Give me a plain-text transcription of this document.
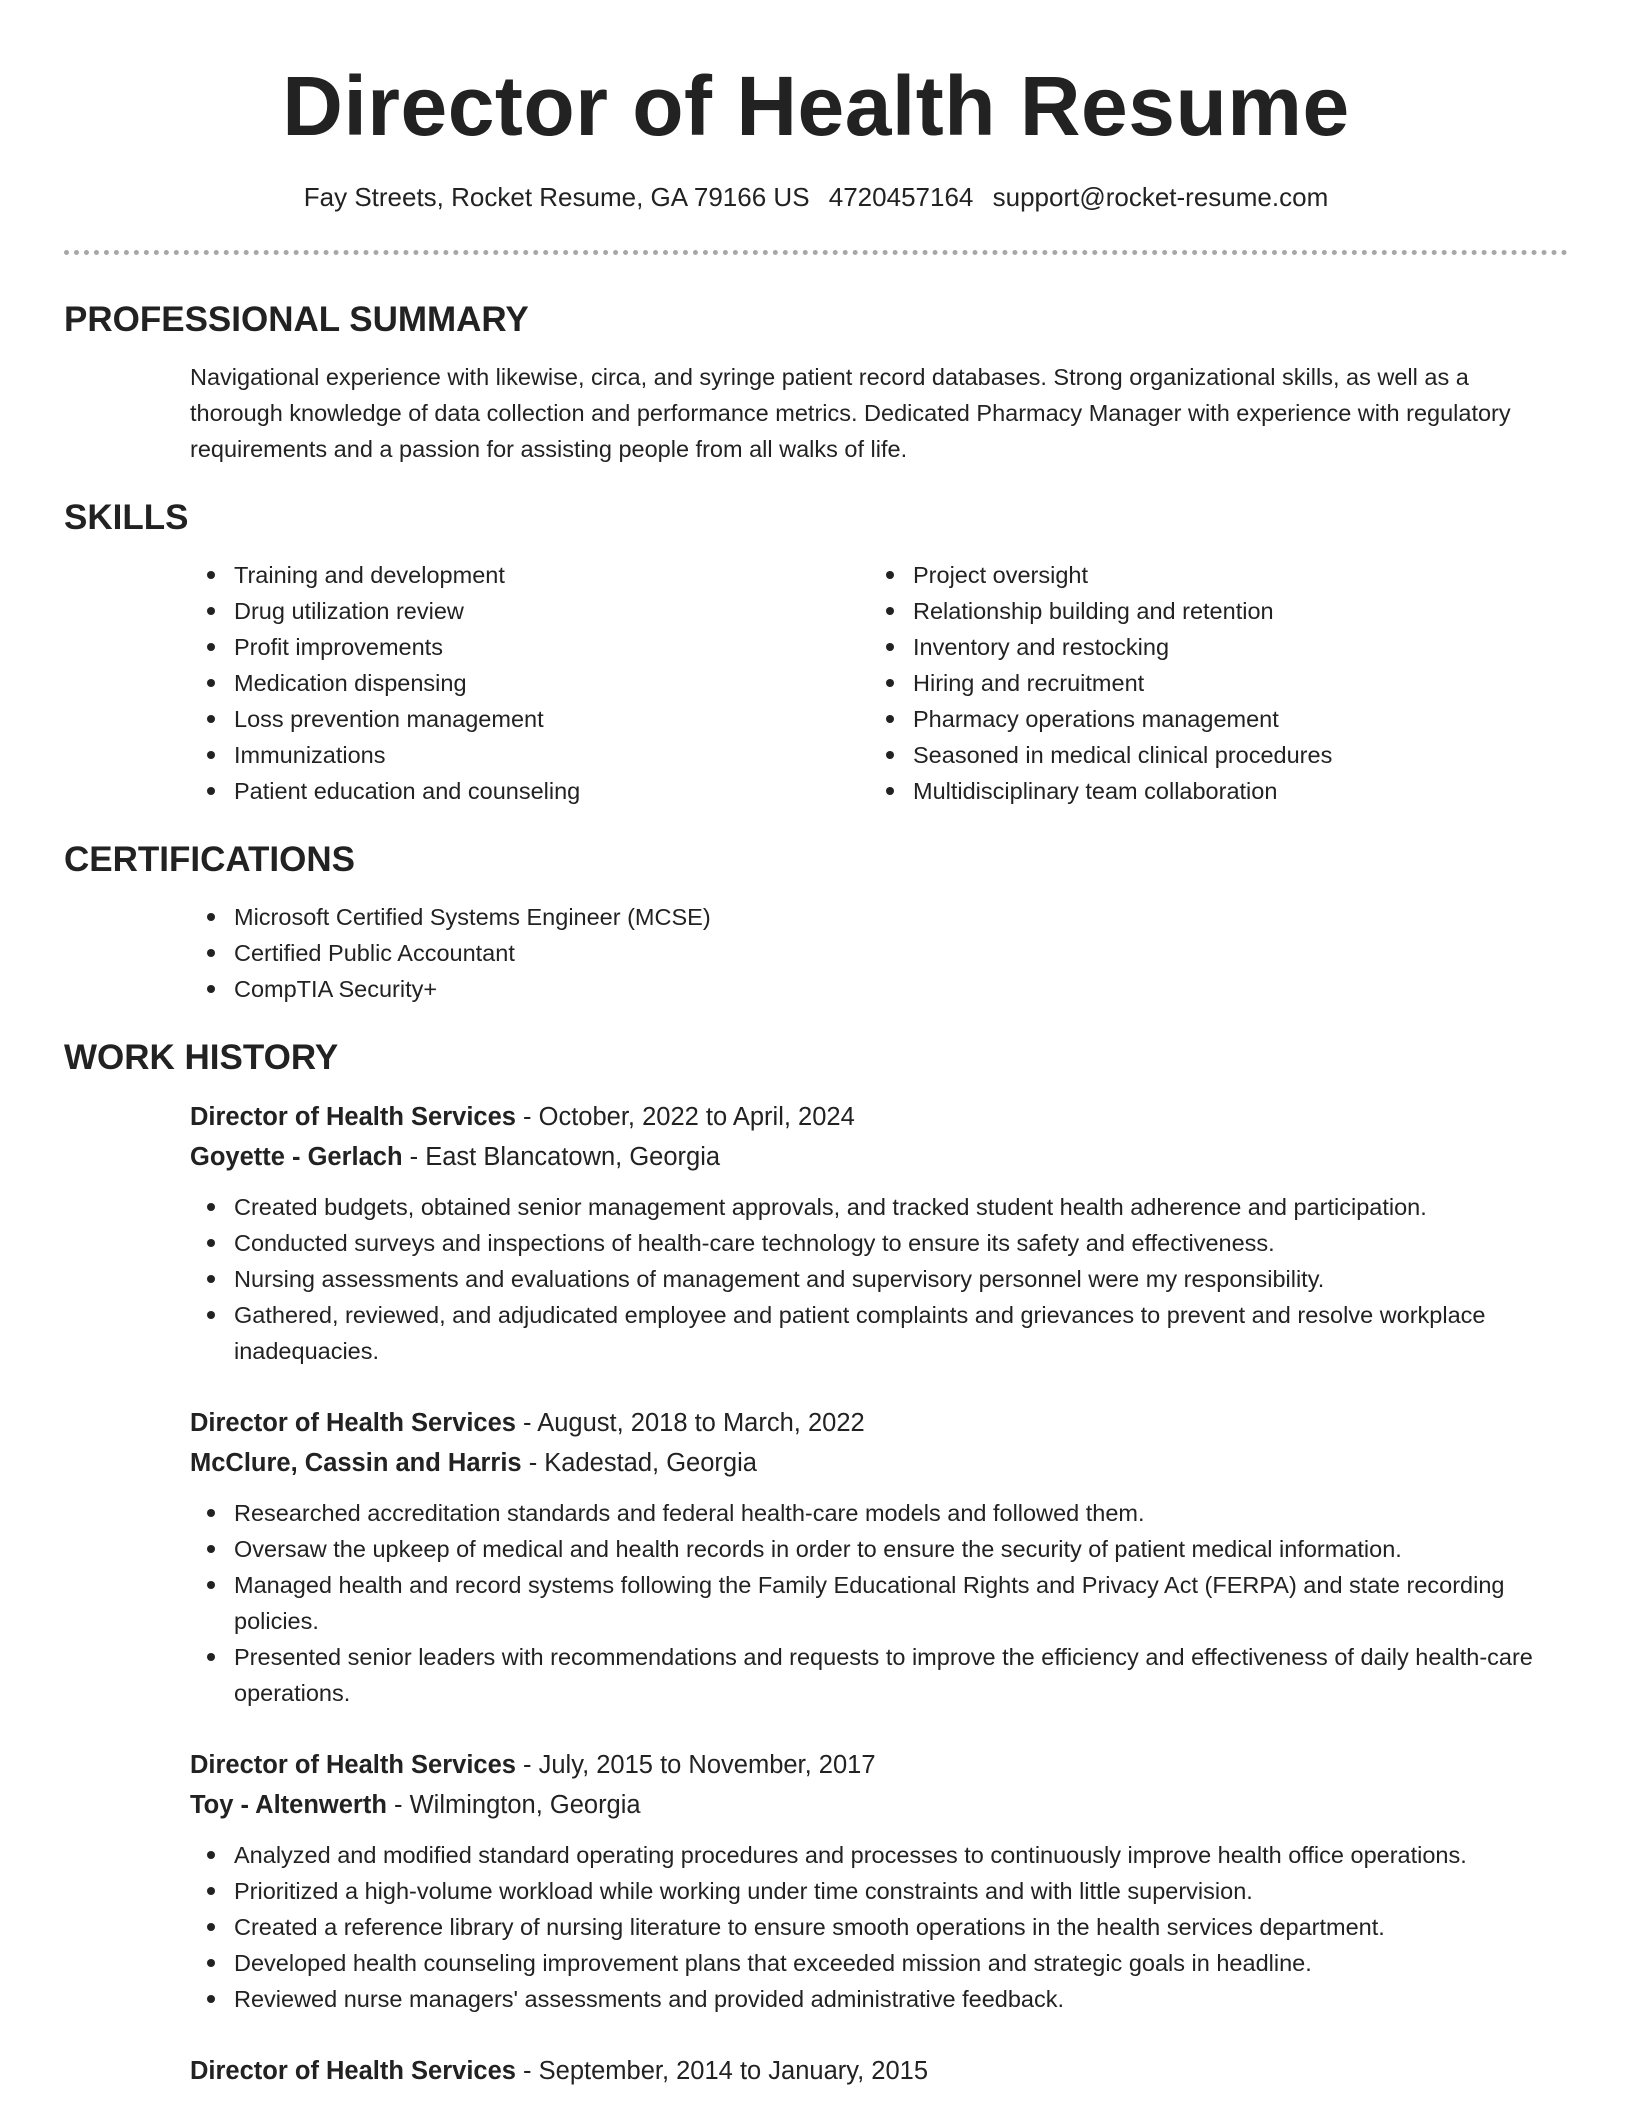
Director of Health Resume
Fay Streets, Rocket Resume, GA 79166 US 4720457164 support@rocket-resume.com
PROFESSIONAL SUMMARY

Navigational experience with likewise, circa, and syringe patient record databases. Strong organizational skills, as well as a thorough knowledge of data collection and performance metrics. Dedicated Pharmacy Manager with experience with regulatory requirements and a passion for assisting people from all walks of life.

SKILLS
Training and development
Drug utilization review
Profit improvements
Medication dispensing
Loss prevention management
Immunizations
Patient education and counseling
Project oversight
Relationship building and retention
Inventory and restocking
Hiring and recruitment
Pharmacy operations management
Seasoned in medical clinical procedures
Multidisciplinary team collaboration
CERTIFICATIONS
Microsoft Certified Systems Engineer (MCSE)
Certified Public Accountant
CompTIA Security+
WORK HISTORY
Director of Health Services - October, 2022 to April, 2024
Goyette - Gerlach - East Blancatown, Georgia
Created budgets, obtained senior management approvals, and tracked student health adherence and participation.
Conducted surveys and inspections of health-care technology to ensure its safety and effectiveness.
Nursing assessments and evaluations of management and supervisory personnel were my responsibility.
Gathered, reviewed, and adjudicated employee and patient complaints and grievances to prevent and resolve workplace inadequacies.
Director of Health Services - August, 2018 to March, 2022
McClure, Cassin and Harris - Kadestad, Georgia
Researched accreditation standards and federal health-care models and followed them.
Oversaw the upkeep of medical and health records in order to ensure the security of patient medical information.
Managed health and record systems following the Family Educational Rights and Privacy Act (FERPA) and state recording policies.
Presented senior leaders with recommendations and requests to improve the efficiency and effectiveness of daily health-care operations.
Director of Health Services - July, 2015 to November, 2017
Toy - Altenwerth - Wilmington, Georgia
Analyzed and modified standard operating procedures and processes to continuously improve health office operations.
Prioritized a high-volume workload while working under time constraints and with little supervision.
Created a reference library of nursing literature to ensure smooth operations in the health services department.
Developed health counseling improvement plans that exceeded mission and strategic goals in headline.
Reviewed nurse managers' assessments and provided administrative feedback.
Director of Health Services - September, 2014 to January, 2015
